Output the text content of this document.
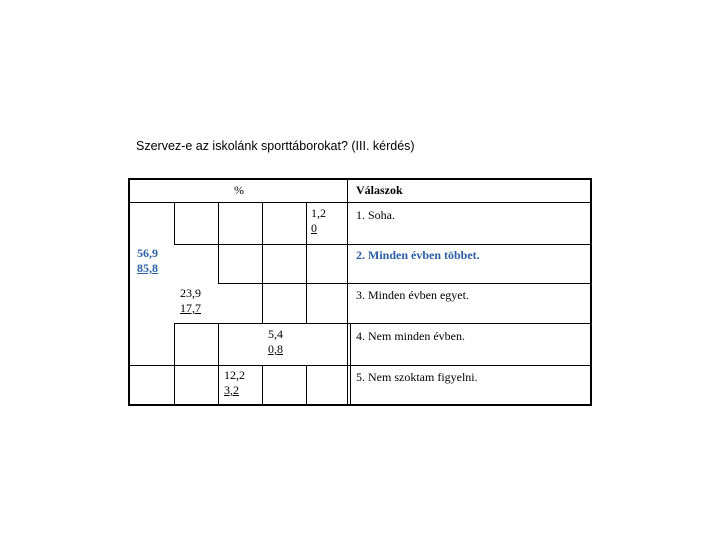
Szervez-e az iskolánk sporttáborokat? (III. kérdés)
%	Válaszok
1,2
0
1. Soha.
56,9
85,8
2. Minden évben többet.
23,9
17,7
3. Minden évben egyet.
5,4
0,8
4. Nem minden évben.
12,2
3,2
5. Nem szoktam figyelni.
